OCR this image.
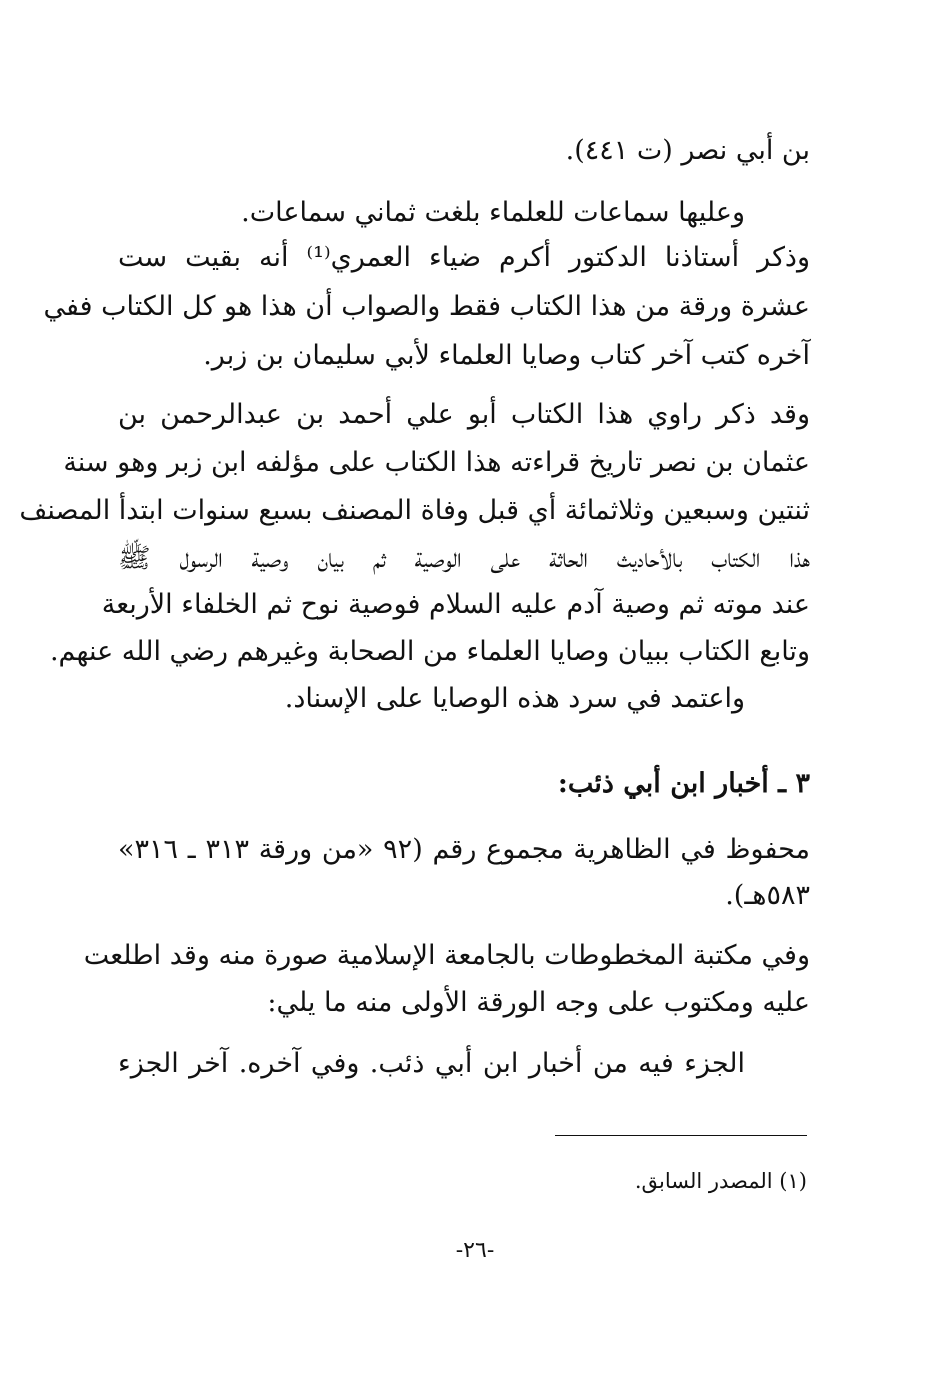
بن أبي نصر (ت ٤٤١).
وعليها سماعات للعلماء بلغت ثماني سماعات.
وذكر أستاذنا الدكتور أكرم ضياء العمري⁽¹⁾ أنه بقيت ست
عشرة ورقة من هذا الكتاب فقط والصواب أن هذا هو كل الكتاب ففي
آخره كتب آخر كتاب وصايا العلماء لأبي سليمان بن زبر.
وقد ذكر راوي هذا الكتاب أبو علي أحمد بن عبدالرحمن بن
عثمان بن نصر تاريخ قراءته هذا الكتاب على مؤلفه ابن زبر وهو سنة
ثنتين وسبعين وثلاثمائة أي قبل وفاة المصنف بسبع سنوات ابتدأ المصنف
هذا الكتاب بالأحاديث الحاثة على الوصية ثم بيان وصية الرسول ﷺ
عند موته ثم وصية آدم عليه السلام فوصية نوح ثم الخلفاء الأربعة
وتابع الكتاب ببيان وصايا العلماء من الصحابة وغيرهم رضي الله عنهم.
واعتمد في سرد هذه الوصايا على الإسناد.
٣ ـ أخبار ابن أبي ذئب:
محفوظ في الظاهرية مجموع رقم (٩٢ «من ورقة ٣١٣ ـ ٣١٦»
٥٨٣هـ).
وفي مكتبة المخطوطات بالجامعة الإسلامية صورة منه وقد اطلعت
عليه ومكتوب على وجه الورقة الأولى منه ما يلي:
الجزء فيه من أخبار ابن أبي ذئب. وفي آخره. آخر الجزء
(١) المصدر السابق.
-٢٦-
